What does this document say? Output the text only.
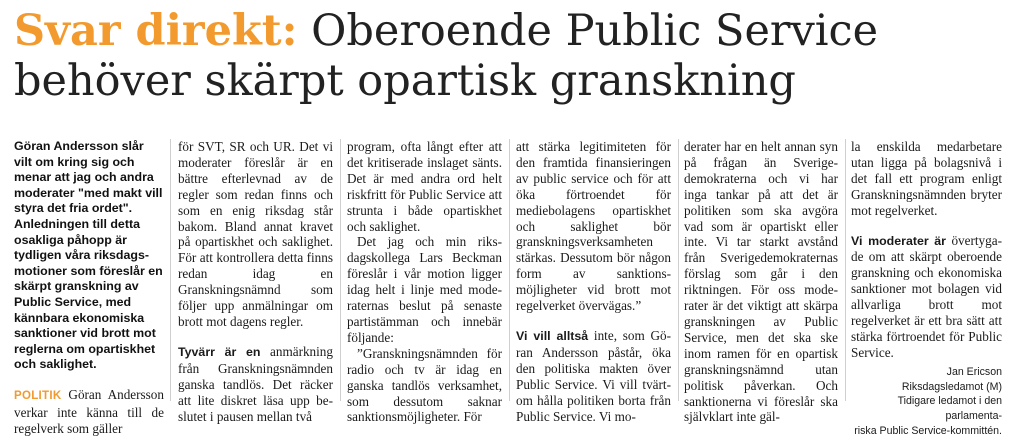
Svar direkt: Oberoende Public Service
behöver skärpt opartisk granskning

Göran Andersson slår vilt om kring sig och menar att jag och andra moderater "med makt vill styra det fria ordet". Anledningen till detta osakliga påhopp är tydligen våra riksdagsmotioner som föreslår en skärpt granskning av Public Service, med kännbara ekonomiska sanktioner vid brott mot reglerna om opartiskhet och saklighet.

POLITIK Göran Andersson verkar inte känna till de regelverk som gäller

för SVT, SR och UR. Det vi moderater föreslår är en bättre efterlevnad av de regler som redan finns och som en enig riksdag står bakom. Bland annat kravet på opartiskhet och saklighet. För att kontrollera detta finns redan idag en Granskningsnämnd som följer upp anmälningar om brott mot dagens regler.

Tyvärr är en anmärkning från Granskningsnämnden ganska tandlös. Det räcker att lite diskret läsa upp beslutet i pausen mellan två

program, ofta långt efter att det kritiserade inslaget sänts. Det är med andra ord helt riskfritt för Public Service att strunta i både opartiskhet och saklighet.

Det jag och min riksdagskollega Lars Beckman föreslår i vår motion ligger idag helt i linje med moderaternas beslut på senaste partistämman och innebär följande:

”Granskningsnämnden för radio och tv är idag en ganska tandlös verksamhet, som dessutom saknar sanktionsmöjligheter. För

att stärka legitimiteten för den framtida finansieringen av public service och för att öka förtroendet för mediebolagens opartiskhet och saklighet bör granskningsverksamheten stärkas. Dessutom bör någon form av sanktionsmöjligheter vid brott mot regelverket övervägas.”

Vi vill alltså inte, som Göran Andersson påstår, öka den politiska makten över Public Service. Vi vill tvärtom hålla politiken borta från Public Service. Vi mo-

derater har en helt annan syn på frågan än Sverigedemokraterna och vi har inga tankar på att det är politiken som ska avgöra vad som är opartiskt eller inte. Vi tar starkt avstånd från Sverigedemokraternas förslag som går i den riktningen. För oss moderater är det viktigt att skärpa granskningen av Public Service, men det ska ske inom ramen för en opartisk granskningsnämnd utan politisk påverkan. Och sanktionerna vi föreslår ska självklart inte gäl-

la enskilda medarbetare utan ligga på bolagsnivå i det fall ett program enligt Granskningsnämnden bryter mot regelverket.

Vi moderater är övertygade om att skärpt oberoende granskning och ekonomiska sanktioner mot bolagen vid allvarliga brott mot regelverket är ett bra sätt att stärka förtroendet för Public Service.

Jan Ericson
Riksdagsledamot (M)
Tidigare ledamot i den parlamenta-
riska Public Service-kommittén.
